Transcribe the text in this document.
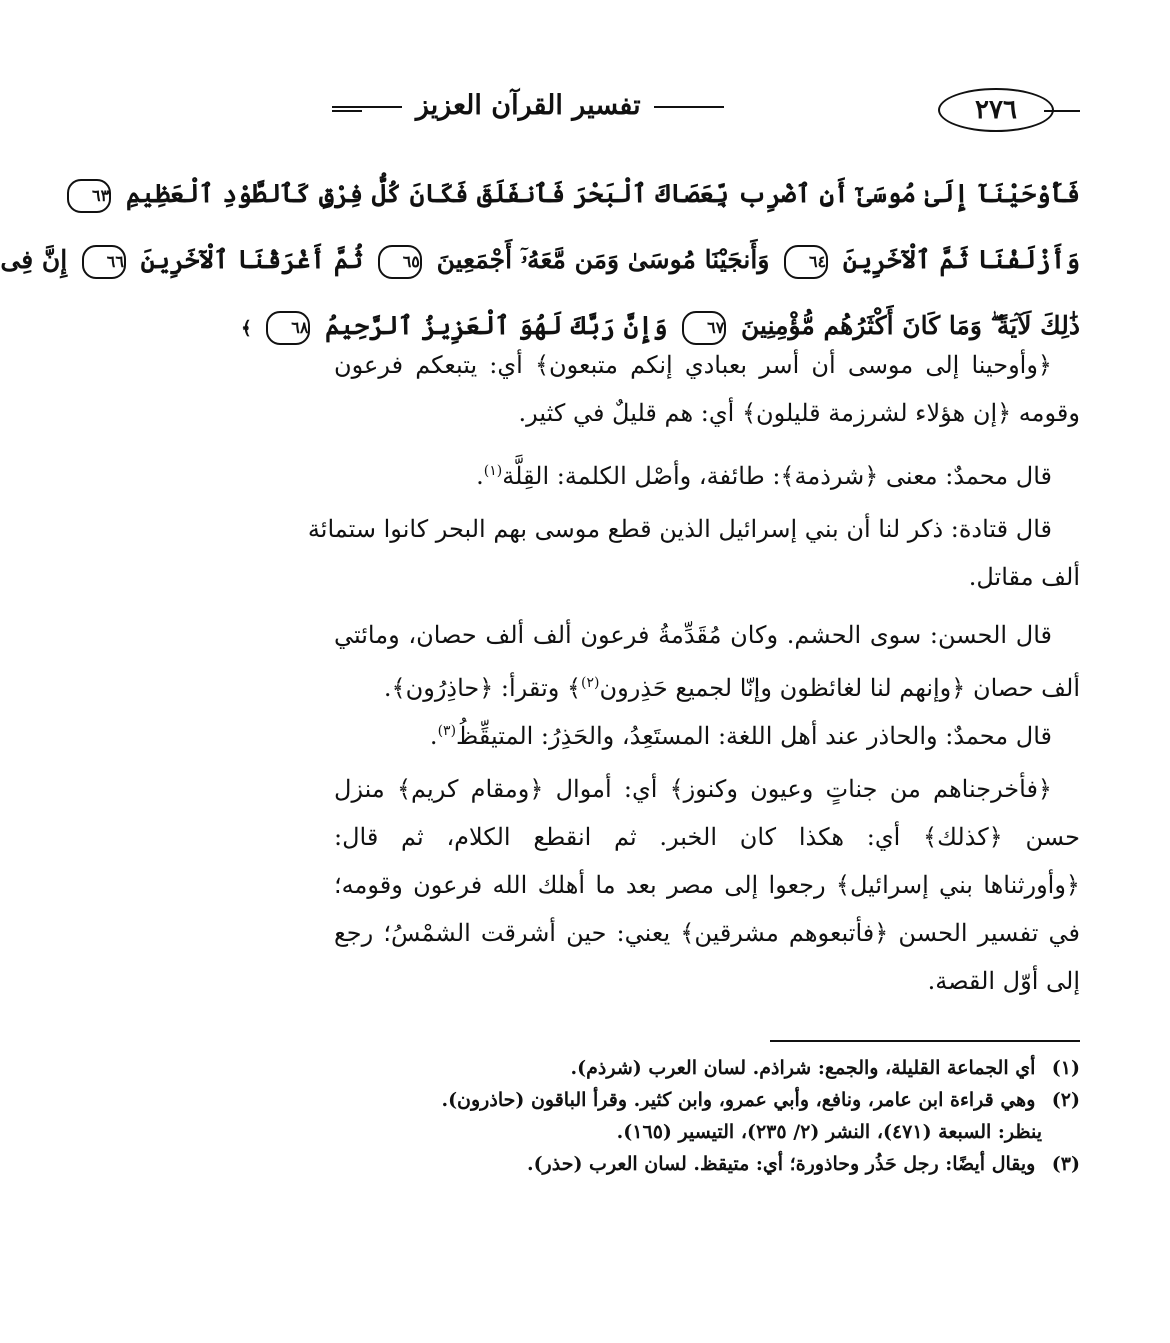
تفسير القرآن العزيز	٢٧٦
فَأَوْحَيْنَآ إِلَىٰ مُوسَىٰٓ أَنِ ٱضْرِب بِّعَصَاكَ ٱلْبَحْرَ فَٱنفَلَقَ فَكَانَ كُلُّ فِرْقٍ كَٱلطَّوْدِ ٱلْعَظِيمِ ٦٣
وَأَزْلَفْنَا ثَمَّ ٱلْآخَرِينَ ٦٤ وَأَنجَيْنَا مُوسَىٰ وَمَن مَّعَهُۥٓ أَجْمَعِينَ ٦٥ ثُمَّ أَغْرَقْنَا ٱلْآخَرِينَ ٦٦ إِنَّ فِى
ذَٰلِكَ لَآيَةً ۖ وَمَا كَانَ أَكْثَرُهُم مُّؤْمِنِينَ ٦٧ وَإِنَّ رَبَّكَ لَهُوَ ٱلْعَزِيزُ ٱلرَّحِيمُ ٦٨ ﴾
﴿وأوحينا إلى موسى أن أسر بعبادي إنكم متبعون﴾ أي: يتبعكم فرعون
وقومه ﴿إن هؤلاء لشرزمة قليلون﴾ أي: هم قليلٌ في كثير.
قال محمدٌ: معنى ﴿شرذمة﴾: طائفة، وأصْل الكلمة: القِلَّة$^{(١)}$.
قال قتادة: ذكر لنا أن بني إسرائيل الذين قطع موسى بهم البحر كانوا ستمائة
ألف مقاتل.
قال الحسن: سوى الحشم. وكان مُقَدِّمةُ فرعون ألف ألف حصان، ومائتي
ألف حصان ﴿وإنهم لنا لغائظون وإنّا لجميع حَذِرون$^{(٢)}$﴾ وتقرأ: ﴿حاذِرُون﴾.
قال محمدٌ: والحاذر عند أهل اللغة: المستَعِدُ، والحَذِرُ: المتيقِّظُ$^{(٣)}$.
﴿فأخرجناهم من جناتٍ وعيون وكنوز﴾ أي: أموال ﴿ومقام كريم﴾ منزل
حسن ﴿كذلك﴾ أي: هكذا كان الخبر. ثم انقطع الكلام، ثم قال:
﴿وأورثناها بني إسرائيل﴾ رجعوا إلى مصر بعد ما أهلك الله فرعون وقومه؛
في تفسير الحسن ﴿فأتبعوهم مشرقين﴾ يعني: حين أشرقت الشمْسُ؛ رجع
إلى أوّل القصة.
(١) أي الجماعة القليلة، والجمع: شراذم. لسان العرب (شرذم).
(٢) وهي قراءة ابن عامر، ونافع، وأبي عمرو، وابن كثير. وقرأ الباقون (حاذرون).
ينظر: السبعة (٤٧١)، النشر (٢/ ٢٣٥)، التيسير (١٦٥).
(٣) ويقال أيضًا: رجل حَذُر وحاذورة؛ أي: متيقظ. لسان العرب (حذر).
